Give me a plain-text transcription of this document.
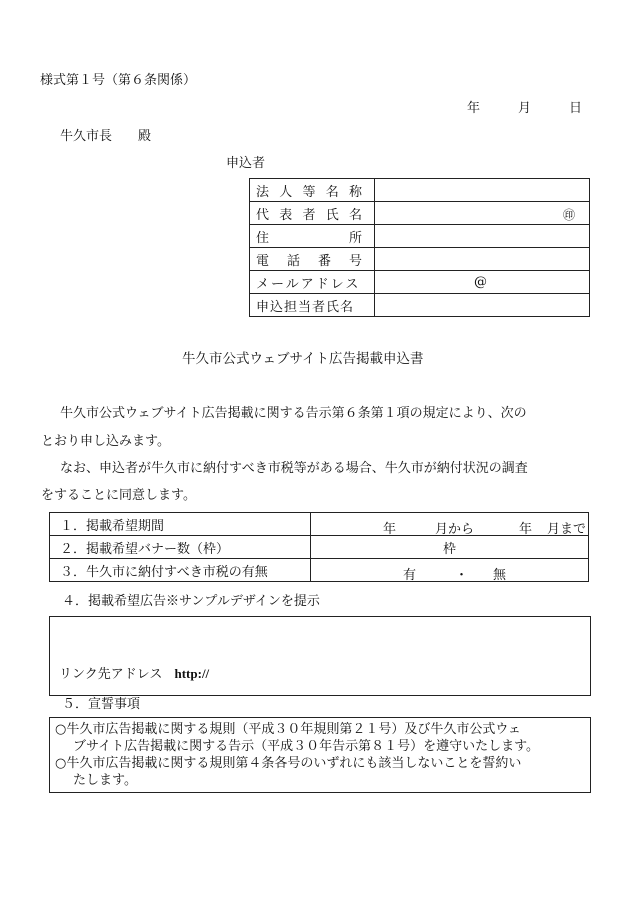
様式第１号（第６条関係）
年	月	日
牛久市長　　殿
申込者
法 人 等 名 称	

代 表 者 氏 名	㊞

住 所	

電 話 番 号	

メールアドレス	@

申込担当者氏名	
牛久市公式ウェブサイト広告掲載申込書
牛久市公式ウェブサイト広告掲載に関する告示第６条第１項の規定により、次の
とおり申し込みます。
なお、申込者が牛久市に納付すべき市税等がある場合、牛久市が納付状況の調査
をすることに同意します。
１．掲載希望期間	年 月から 年 月まで

２．掲載希望バナー数（枠）	枠
３．牛久市に納付すべき市税の有無	有 ・ 無
４．掲載希望広告※サンプルデザインを提示
リンク先アドレス http://
５．宣誓事項
○牛久市広告掲載に関する規則（平成３０年規則第２１号）及び牛久市公式ウェ
ブサイト広告掲載に関する告示（平成３０年告示第８１号）を遵守いたします。
○牛久市広告掲載に関する規則第４条各号のいずれにも該当しないことを誓約い
たします。
